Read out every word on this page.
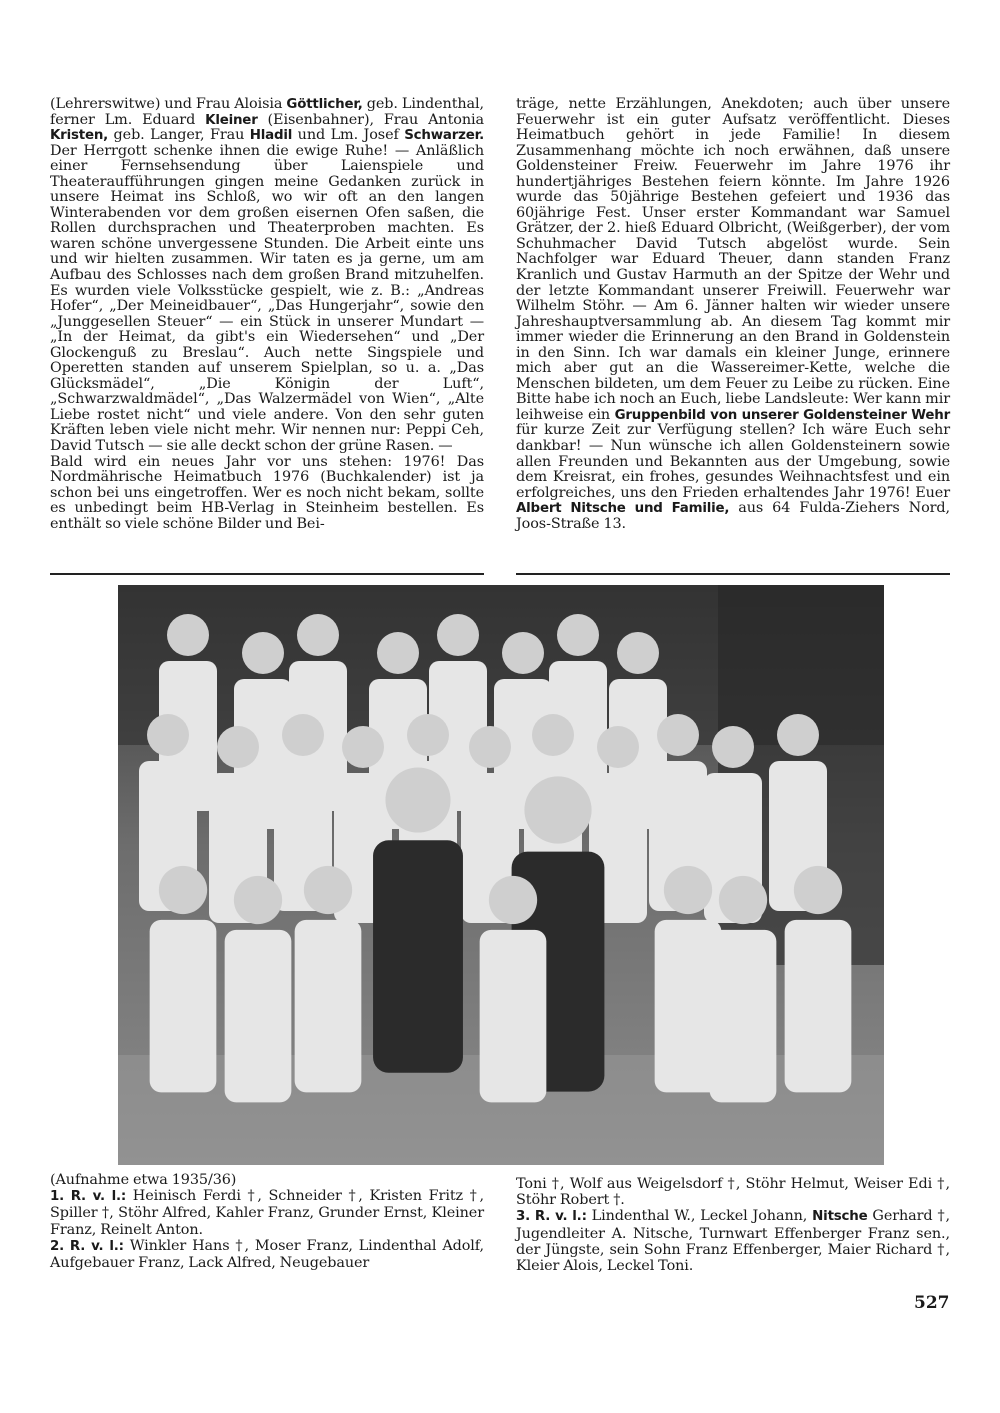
(Lehrerswitwe) und Frau Aloisia Göttlicher, geb. Lindenthal, ferner Lm. Eduard Kleiner (Eisenbahner), Frau Antonia Kristen, geb. Langer, Frau Hladil und Lm. Josef Schwarzer. Der Herrgott schenke ihnen die ewige Ruhe! — Anläßlich einer Fernsehsendung über Laienspiele und Theateraufführungen gingen meine Gedanken zurück in unsere Heimat ins Schloß, wo wir oft an den langen Winterabenden vor dem großen eisernen Ofen saßen, die Rollen durchsprachen und Theaterproben machten. Es waren schöne unvergessene Stunden. Die Arbeit einte uns und wir hielten zusammen. Wir taten es ja gerne, um am Aufbau des Schlosses nach dem großen Brand mitzuhelfen. Es wurden viele Volksstücke gespielt, wie z. B.: „Andreas Hofer“, „Der Meineidbauer“, „Das Hungerjahr“, sowie den „Junggesellen Steuer“ — ein Stück in unserer Mundart — „In der Heimat, da gibt's ein Wiedersehen“ und „Der Glockenguß zu Breslau“. Auch nette Singspiele und Operetten standen auf unserem Spielplan, so u. a. „Das Glücksmädel“, „Die Königin der Luft“, „Schwarzwaldmädel“, „Das Walzermädel von Wien“, „Alte Liebe rostet nicht“ und viele andere. Von den sehr guten Kräften leben viele nicht mehr. Wir nennen nur: Peppi Ceh, David Tutsch — sie alle deckt schon der grüne Rasen. —

Bald wird ein neues Jahr vor uns stehen: 1976! Das Nordmährische Heimatbuch 1976 (Buchkalender) ist ja schon bei uns eingetroffen. Wer es noch nicht bekam, sollte es unbedingt beim HB-Verlag in Steinheim bestellen. Es enthält so viele schöne Bilder und Bei-

träge, nette Erzählungen, Anekdoten; auch über unsere Feuerwehr ist ein guter Aufsatz veröffentlicht. Dieses Heimatbuch gehört in jede Familie! In diesem Zusammenhang möchte ich noch erwähnen, daß unsere Goldensteiner Freiw. Feuerwehr im Jahre 1976 ihr hundertjähriges Bestehen feiern könnte. Im Jahre 1926 wurde das 50jährige Bestehen gefeiert und 1936 das 60jährige Fest. Unser erster Kommandant war Samuel Grätzer, der 2. hieß Eduard Olbricht, (Weißgerber), der vom Schuhmacher David Tutsch abgelöst wurde. Sein Nachfolger war Eduard Theuer, dann standen Franz Kranlich und Gustav Harmuth an der Spitze der Wehr und der letzte Kommandant unserer Freiwill. Feuerwehr war Wilhelm Stöhr. — Am 6. Jänner halten wir wieder unsere Jahreshauptversammlung ab. An diesem Tag kommt mir immer wieder die Erinnerung an den Brand in Goldenstein in den Sinn. Ich war damals ein kleiner Junge, erinnere mich aber gut an die Wassereimer-Kette, welche die Menschen bildeten, um dem Feuer zu Leibe zu rücken. Eine Bitte habe ich noch an Euch, liebe Landsleute: Wer kann mir leihweise ein Gruppenbild von unserer Goldensteiner Wehr für kurze Zeit zur Verfügung stellen? Ich wäre Euch sehr dankbar! — Nun wünsche ich allen Goldensteinern sowie allen Freunden und Bekannten aus der Umgebung, sowie dem Kreisrat, ein frohes, gesundes Weihnachtsfest und ein erfolgreiches, uns den Frieden erhaltendes Jahr 1976! Euer Albert Nitsche und Familie, aus 64 Fulda-Ziehers Nord, Joos-Straße 13.

(Aufnahme etwa 1935/36)

1. R. v. l.: Heinisch Ferdi †, Schneider †, Kristen Fritz †, Spiller †, Stöhr Alfred, Kahler Franz, Grunder Ernst, Kleiner Franz, Reinelt Anton.

2. R. v. l.: Winkler Hans †, Moser Franz, Lindenthal Adolf, Aufgebauer Franz, Lack Alfred, Neugebauer

Toni †, Wolf aus Weigelsdorf †, Stöhr Helmut, Weiser Edi †, Stöhr Robert †.

3. R. v. l.: Lindenthal W., Leckel Johann, Nitsche Gerhard †, Jugendleiter A. Nitsche, Turnwart Effenberger Franz sen., der Jüngste, sein Sohn Franz Effenberger, Maier Richard †, Kleier Alois, Leckel Toni.

527
